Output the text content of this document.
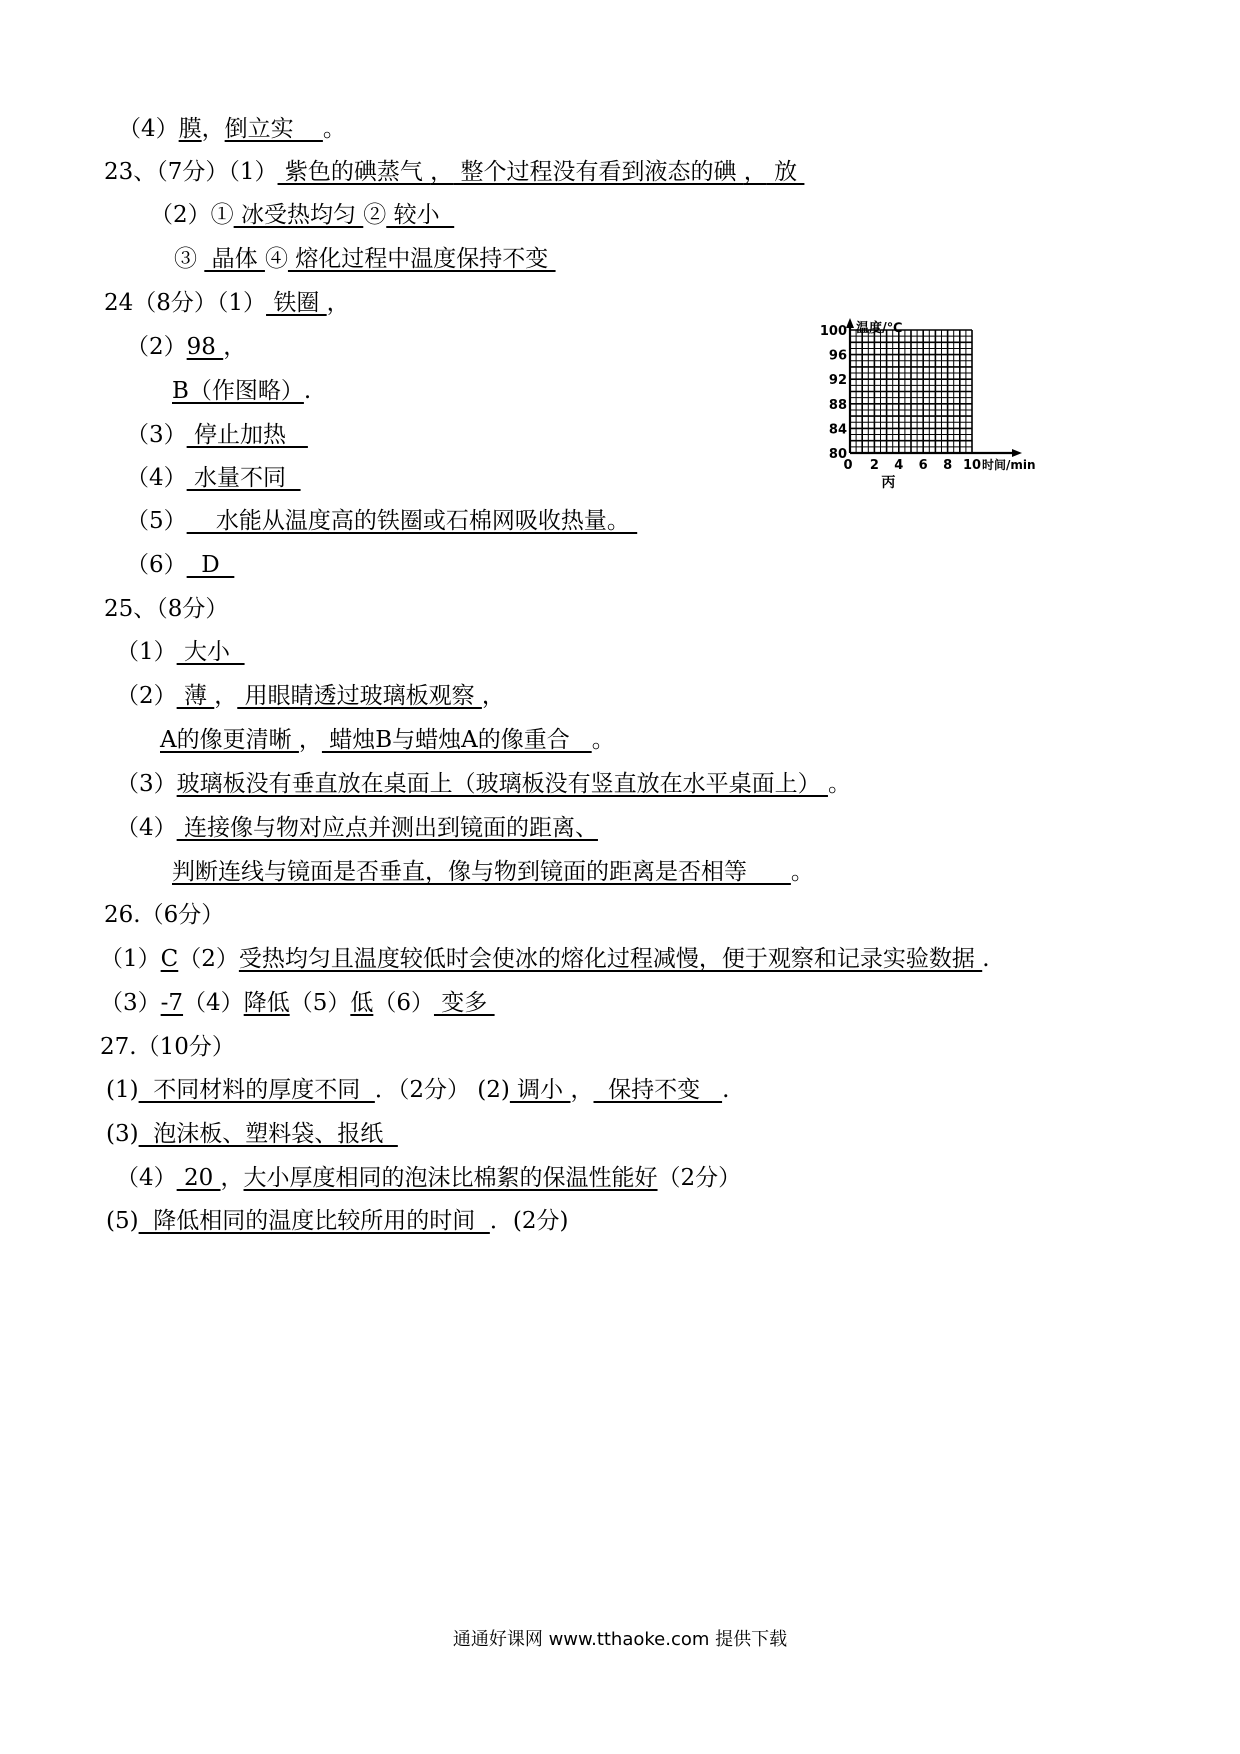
（4）膜，倒立实    。
23、（7分）（1） 紫色的碘蒸气 ， 整个过程没有看到液态的碘 ， 放
（2）① 冰受热均匀 ② 较小
③  晶体 ④ 熔化过程中温度保持不变
24（8分）（1） 铁圈 ，
（2）98 ，
B（作图略）.
（3） 停止加热
（4） 水量不同
（5）    水能从温度高的铁圈或石棉网吸收热量。
（6）  D
25、（8分）
（1） 大小
（2） 薄 ， 用眼睛透过玻璃板观察 ，
A的像更清晰 ， 蜡烛B与蜡烛A的像重合   。
（3）玻璃板没有垂直放在桌面上（玻璃板没有竖直放在水平桌面上） 。
（4） 连接像与物对应点并测出到镜面的距离、
判断连线与镜面是否垂直，像与物到镜面的距离是否相等      。
26.（6分）
（1）C（2）受热均匀且温度较低时会使冰的熔化过程减慢，便于观察和记录实验数据 .
（3）-7（4）降低（5）低（6） 变多
27.（10分）
(1)  不同材料的厚度不同  ．（2分） (2) 调小 ，  保持不变   .
(3)  泡沫板、塑料袋、报纸
（4） 20 ，大小厚度相同的泡沫比棉絮的保温性能好（2分）
(5)  降低相同的温度比较所用的时间  ．(2分)
80
84
88
92
96
100
0 2 4 6 8 10
温度/℃
时间/min
丙
通通好课网 www.tthaoke.com 提供下载
